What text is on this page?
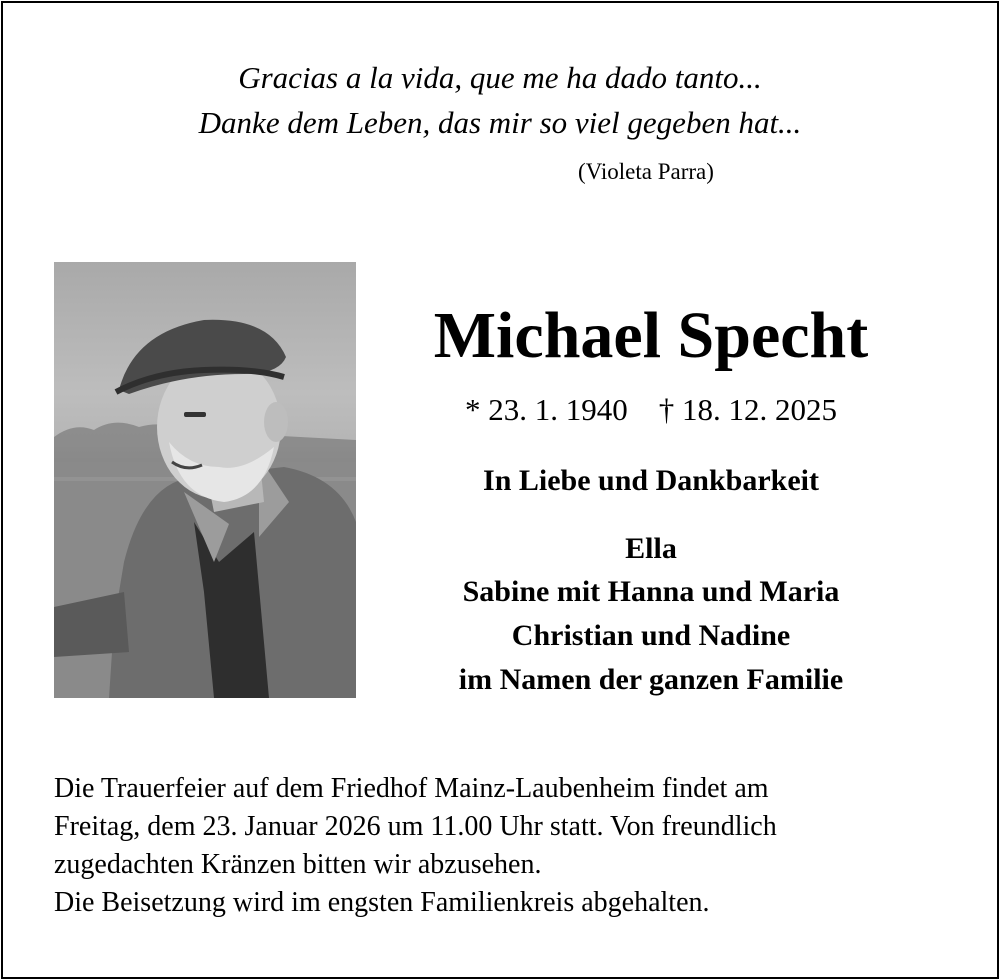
Gracias a la vida, que me ha dado tanto...
Danke dem Leben, das mir so viel gegeben hat...
(Violeta Parra)
Michael Specht
* 23. 1. 1940    † 18. 12. 2025
In Liebe und Dankbarkeit
Ella
Sabine mit Hanna und Maria
Christian und Nadine
im Namen der ganzen Familie
Die Trauerfeier auf dem Friedhof Mainz-Laubenheim findet am
Freitag, dem 23. Januar 2026 um 11.00 Uhr statt. Von freundlich
zugedachten Kränzen bitten wir abzusehen.
Die Beisetzung wird im engsten Familienkreis abgehalten.
